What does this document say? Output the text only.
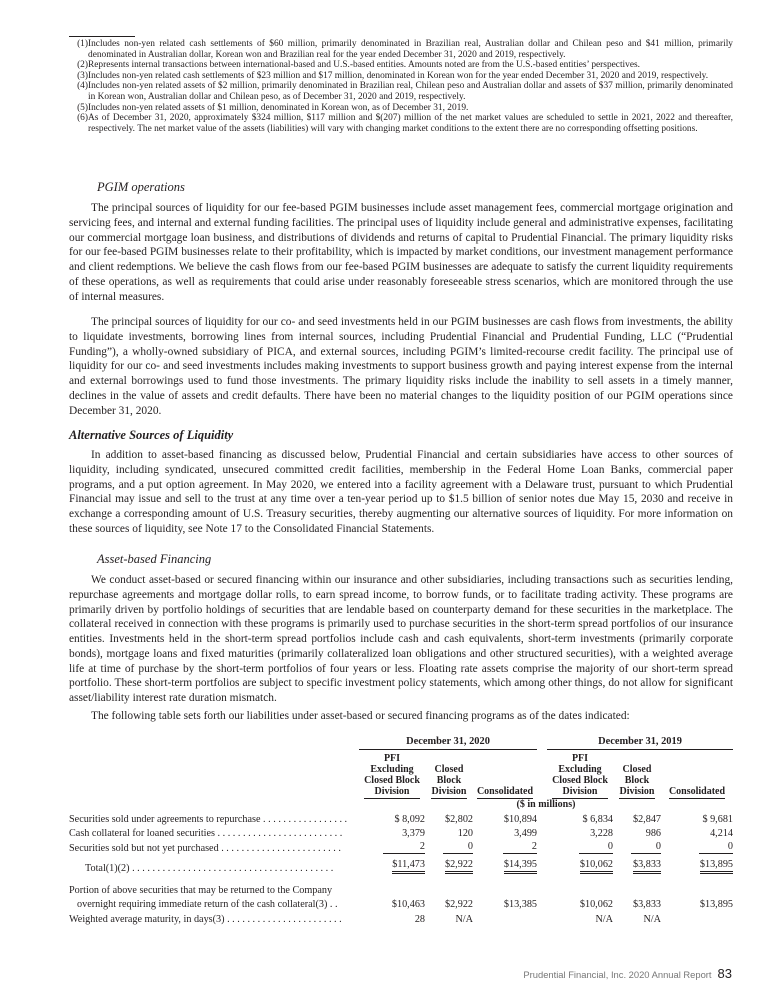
(1) Includes non-yen related cash settlements of $60 million, primarily denominated in Brazilian real, Australian dollar and Chilean peso and $41 million, primarily denominated in Australian dollar, Korean won and Brazilian real for the year ended December 31, 2020 and 2019, respectively.
(2) Represents internal transactions between international-based and U.S.-based entities. Amounts noted are from the U.S.-based entities’ perspectives.
(3) Includes non-yen related cash settlements of $23 million and $17 million, denominated in Korean won for the year ended December 31, 2020 and 2019, respectively.
(4) Includes non-yen related assets of $2 million, primarily denominated in Brazilian real, Chilean peso and Australian dollar and assets of $37 million, primarily denominated in Korean won, Australian dollar and Chilean peso, as of December 31, 2020 and 2019, respectively.
(5) Includes non-yen related assets of $1 million, denominated in Korean won, as of December 31, 2019.
(6) As of December 31, 2020, approximately $324 million, $117 million and $(207) million of the net market values are scheduled to settle in 2021, 2022 and thereafter, respectively. The net market value of the assets (liabilities) will vary with changing market conditions to the extent there are no corresponding offsetting positions.
PGIM operations

The principal sources of liquidity for our fee-based PGIM businesses include asset management fees, commercial mortgage origination and servicing fees, and internal and external funding facilities. The principal uses of liquidity include general and administrative expenses, facilitating our commercial mortgage loan business, and distributions of dividends and returns of capital to Prudential Financial. The primary liquidity risks for our fee-based PGIM businesses relate to their profitability, which is impacted by market conditions, our investment management performance and client redemptions. We believe the cash flows from our fee-based PGIM businesses are adequate to satisfy the current liquidity requirements of these operations, as well as requirements that could arise under reasonably foreseeable stress scenarios, which are monitored through the use of internal measures.

The principal sources of liquidity for our co- and seed investments held in our PGIM businesses are cash flows from investments, the ability to liquidate investments, borrowing lines from internal sources, including Prudential Financial and Prudential Funding, LLC (“Prudential Funding”), a wholly-owned subsidiary of PICA, and external sources, including PGIM’s limited-recourse credit facility. The principal use of liquidity for our co- and seed investments includes making investments to support business growth and paying interest expense from the internal and external borrowings used to fund those investments. The primary liquidity risks include the inability to sell assets in a timely manner, declines in the value of assets and credit defaults. There have been no material changes to the liquidity position of our PGIM operations since December 31, 2020.

Alternative Sources of Liquidity

In addition to asset-based financing as discussed below, Prudential Financial and certain subsidiaries have access to other sources of liquidity, including syndicated, unsecured committed credit facilities, membership in the Federal Home Loan Banks, commercial paper programs, and a put option agreement. In May 2020, we entered into a facility agreement with a Delaware trust, pursuant to which Prudential Financial may issue and sell to the trust at any time over a ten-year period up to $1.5 billion of senior notes due May 15, 2030 and receive in exchange a corresponding amount of U.S. Treasury securities, thereby augmenting our alternative sources of liquidity. For more information on these sources of liquidity, see Note 17 to the Consolidated Financial Statements.

Asset-based Financing

We conduct asset-based or secured financing within our insurance and other subsidiaries, including transactions such as securities lending, repurchase agreements and mortgage dollar rolls, to earn spread income, to borrow funds, or to facilitate trading activity. These programs are primarily driven by portfolio holdings of securities that are lendable based on counterparty demand for these securities in the marketplace. The collateral received in connection with these programs is primarily used to purchase securities in the short-term spread portfolios of our insurance entities. Investments held in the short-term spread portfolios include cash and cash equivalents, short-term investments (primarily corporate bonds), mortgage loans and fixed maturities (primarily collateralized loan obligations and other structured securities), with a weighted average life at time of purchase by the short-term portfolios of four years or less. Floating rate assets comprise the majority of our short-term spread portfolio. These short-term portfolios are subject to specific investment policy statements, which among other things, do not allow for significant asset/liability interest rate duration mismatch.

The following table sets forth our liabilities under asset-based or secured financing programs as of the dates indicated:

	December 31, 2020				December 31, 2019		
	PFI
Excluding
Closed Block
Division	Closed
Block
Division	Consolidated		PFI
Excluding
Closed Block
Division	Closed
Block
Division	Consolidated
	($ in millions)						
Securities sold under agreements to repurchase . . . . . . . . . . . . . . . . .	$ 8,092	$2,802	$10,894		$ 6,834	$2,847	$ 9,681
Cash collateral for loaned securities . . . . . . . . . . . . . . . . . . . . . . . . .	3,379	120	3,499		3,228	986	4,214
Securities sold but not yet purchased . . . . . . . . . . . . . . . . . . . . . . . .	2	0	2		0	0	0
Total(1)(2) . . . . . . . . . . . . . . . . . . . . . . . . . . . . . . . . . . . . . . . .	$11,473	$2,922	$14,395		$10,062	$3,833	$13,895
Portion of above securities that may be returned to the Company							
overnight requiring immediate return of the cash collateral(3) . .	$10,463	$2,922	$13,385		$10,062	$3,833	$13,895
Weighted average maturity, in days(3) . . . . . . . . . . . . . . . . . . . . . . .	28	N/A			N/A	N/A	
Prudential Financial, Inc. 2020 Annual Report 83
